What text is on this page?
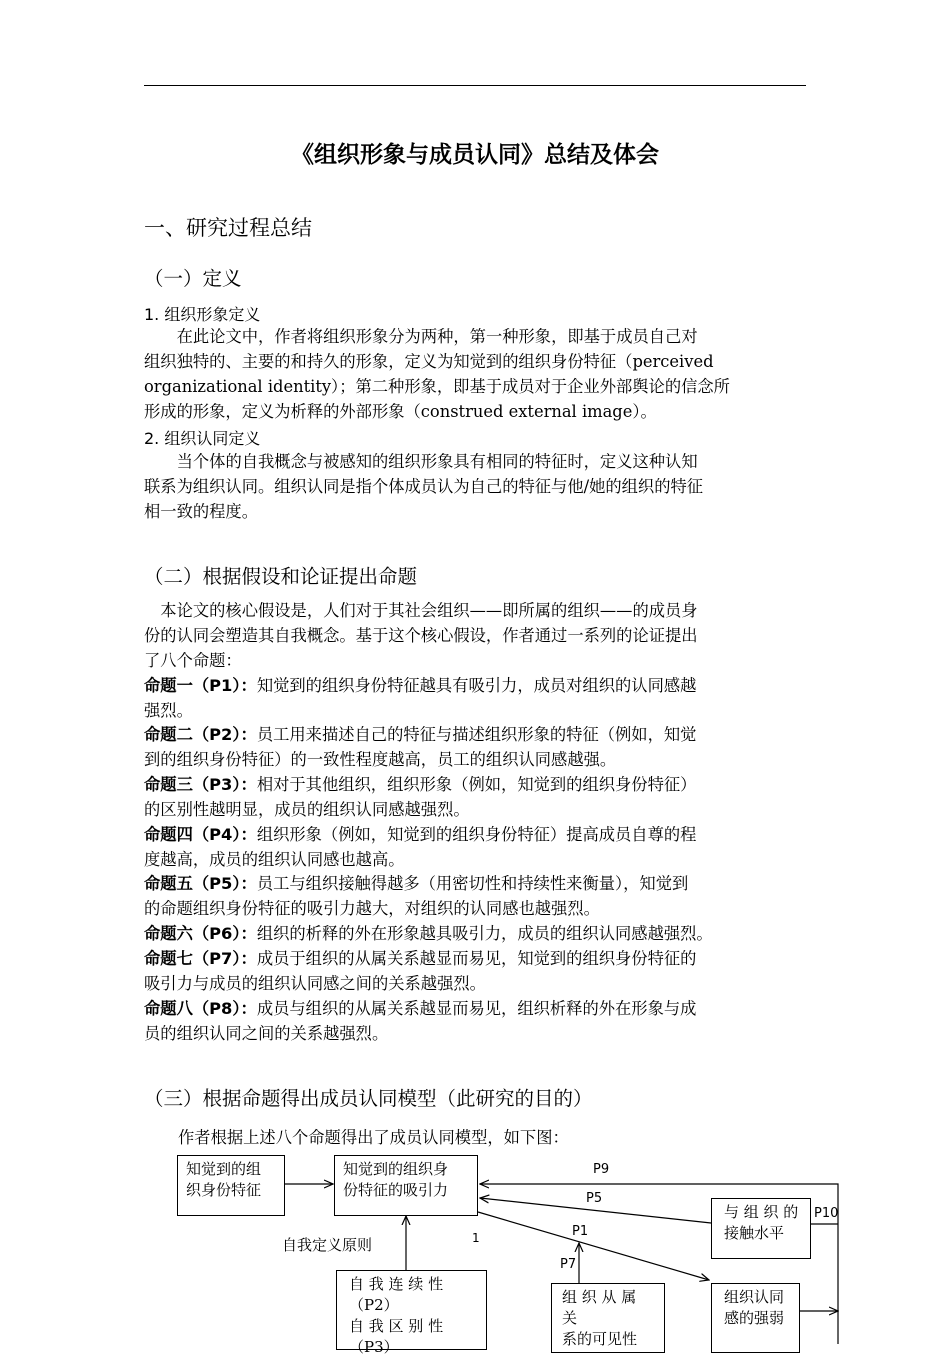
《组织形象与成员认同》总结及体会
一、研究过程总结
（一）定义
1. 组织形象定义
在此论文中，作者将组织形象分为两种，第一种形象，即基于成员自己对
组织独特的、主要的和持久的形象，定义为知觉到的组织身份特征（perceived
organizational identity）；第二种形象，即基于成员对于企业外部舆论的信念所
形成的形象，定义为析释的外部形象（construed external image）。
2. 组织认同定义
当个体的自我概念与被感知的组织形象具有相同的特征时，定义这种认知
联系为组织认同。组织认同是指个体成员认为自己的特征与他/她的组织的特征
相一致的程度。
（二）根据假设和论证提出命题
本论文的核心假设是，人们对于其社会组织——即所属的组织——的成员身
份的认同会塑造其自我概念。基于这个核心假设，作者通过一系列的论证提出
了八个命题：
命题一（P1）：知觉到的组织身份特征越具有吸引力，成员对组织的认同感越
强烈。
命题二（P2）：员工用来描述自己的特征与描述组织形象的特征（例如，知觉
到的组织身份特征）的一致性程度越高，员工的组织认同感越强。
命题三（P3）：相对于其他组织，组织形象（例如，知觉到的组织身份特征）
的区别性越明显，成员的组织认同感越强烈。
命题四（P4）：组织形象（例如，知觉到的组织身份特征）提高成员自尊的程
度越高，成员的组织认同感也越高。
命题五（P5）：员工与组织接触得越多（用密切性和持续性来衡量），知觉到
的命题组织身份特征的吸引力越大，对组织的认同感也越强烈。
命题六（P6）：组织的析释的外在形象越具吸引力，成员的组织认同感越强烈。
命题七（P7）：成员于组织的从属关系越显而易见，知觉到的组织身份特征的
吸引力与成员的组织认同感之间的关系越强烈。
命题八（P8）：成员与组织的从属关系越显而易见，组织析释的外在形象与成
员的组织认同之间的关系越强烈。
（三）根据命题得出成员认同模型（此研究的目的）
作者根据上述八个命题得出了成员认同模型，如下图：
知觉到的组
织身份特征
知觉到的组织身
份特征的吸引力
与 组 织 的
接触水平
自 我 连 续 性
（P2）
自 我 区 别 性
（P3）
组 织 从 属 关
系的可见性
组织认同
感的强弱
自我定义原则
P9
P5
P1
P7
P10
1
